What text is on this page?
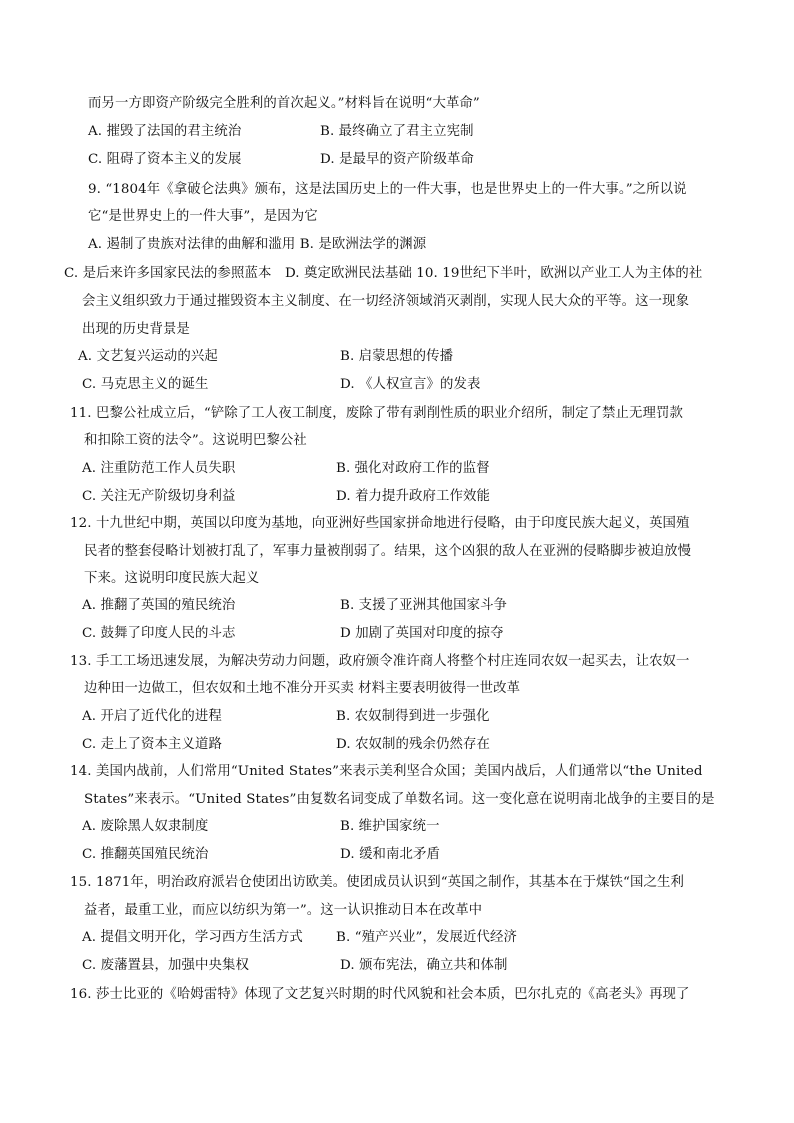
而另一方即资产阶级完全胜利的首次起义。”材料旨在说明“大革命”
A. 摧毁了法国的君主统治	B. 最终确立了君主立宪制
C. 阻碍了资本主义的发展	D. 是最早的资产阶级革命
9. “1804年《拿破仑法典》颁布，这是法国历史上的一件大事，也是世界史上的一件大事。”之所以说
它“是世界史上的一件大事”，是因为它
A. 遏制了贵族对法律的曲解和滥用 B. 是欧洲法学的渊源
C. 是后来许多国家民法的参照蓝本　D. 奠定欧洲民法基础 10. 19世纪下半叶，欧洲以产业工人为主体的社
会主义组织致力于通过摧毁资本主义制度、在一切经济领域消灭剥削，实现人民大众的平等。这一现象
出现的历史背景是
A. 文艺复兴运动的兴起	B. 启蒙思想的传播
C. 马克思主义的诞生	D. 《人权宣言》的发表
11. 巴黎公社成立后，“铲除了工人夜工制度，废除了带有剥削性质的职业介绍所，制定了禁止无理罚款
和扣除工资的法令”。这说明巴黎公社
A. 注重防范工作人员失职	B. 强化对政府工作的监督
C. 关注无产阶级切身利益	D. 着力提升政府工作效能
12. 十九世纪中期，英国以印度为基地，向亚洲好些国家拼命地进行侵略，由于印度民族大起义，英国殖
民者的整套侵略计划被打乱了，军事力量被削弱了。结果，这个凶狠的敌人在亚洲的侵略脚步被迫放慢
下来。这说明印度民族大起义
A. 推翻了英国的殖民统治	B. 支援了亚洲其他国家斗争
C. 鼓舞了印度人民的斗志	D 加剧了英国对印度的掠夺
13. 手工工场迅速发展，为解决劳动力问题，政府颁令准许商人将整个村庄连同农奴一起买去，让农奴一
边种田一边做工，但农奴和土地不准分开买卖 材料主要表明彼得一世改革
A. 开启了近代化的进程	B. 农奴制得到进一步强化
C. 走上了资本主义道路	D. 农奴制的残余仍然存在
14. 美国内战前，人们常用“United States”来表示美利坚合众国；美国内战后，人们通常以“the United
States”来表示。“United States”由复数名词变成了单数名词。这一变化意在说明南北战争的主要目的是
A. 废除黑人奴隶制度	B. 维护国家统一
C. 推翻英国殖民统治	D. 缓和南北矛盾
15. 1871年，明治政府派岩仓使团出访欧美。使团成员认识到“英国之制作，其基本在于煤铁“国之生利
益者，最重工业，而应以纺织为第一”。这一认识推动日本在改革中
A. 提倡文明开化，学习西方生活方式 B. “殖产兴业”，发展近代经济
C. 废藩置县，加强中央集权	D. 颁布宪法，确立共和体制
16. 莎士比亚的《哈姆雷特》体现了文艺复兴时期的时代风貌和社会本质，巴尔扎克的《高老头》再现了
